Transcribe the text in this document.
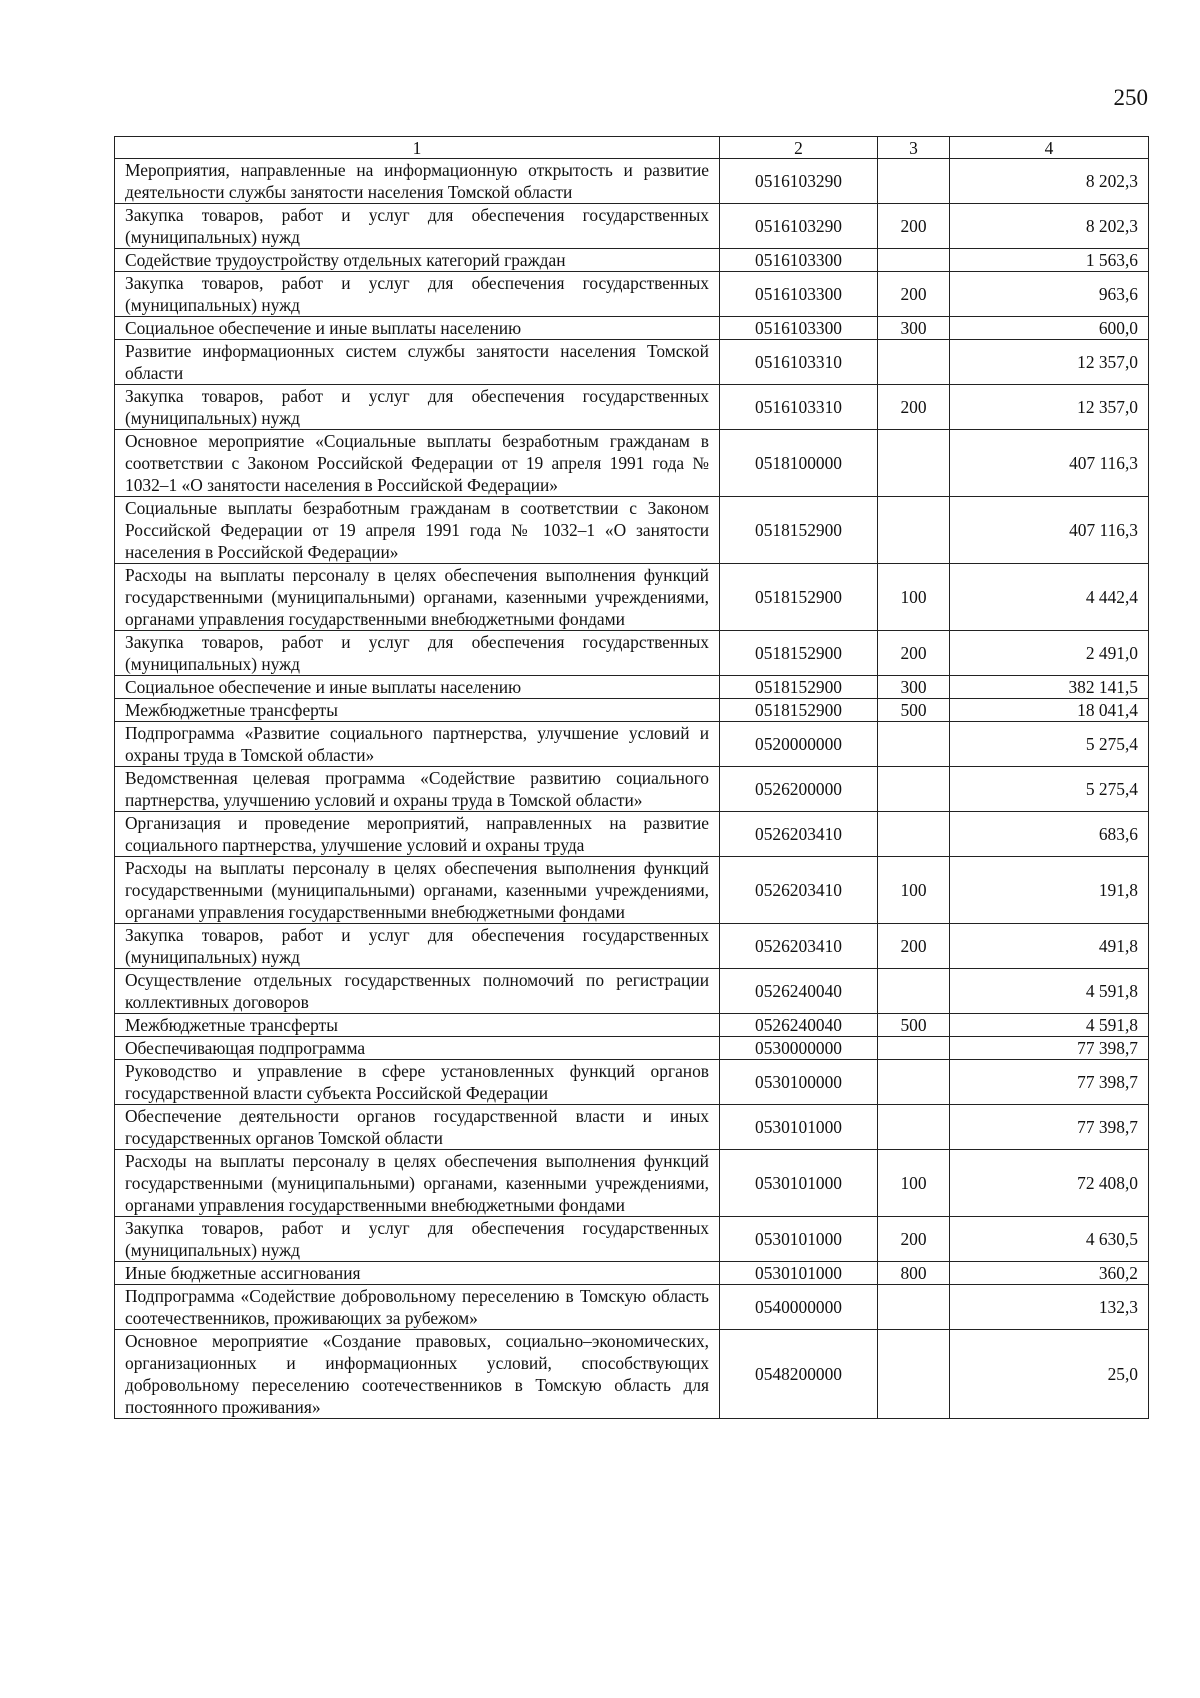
250
1	2	3	4
Мероприятия, направленные на информационную открытость и развитие деятельности службы занятости населения Томской области	0516103290		8 202,3
Закупка товаров, работ и услуг для обеспечения государственных (муниципальных) нужд	0516103290	200	8 202,3
Содействие трудоустройству отдельных категорий граждан	0516103300		1 563,6
Закупка товаров, работ и услуг для обеспечения государственных (муниципальных) нужд	0516103300	200	963,6
Социальное обеспечение и иные выплаты населению	0516103300	300	600,0
Развитие информационных систем службы занятости населения Томской области	0516103310		12 357,0
Закупка товаров, работ и услуг для обеспечения государственных (муниципальных) нужд	0516103310	200	12 357,0
Основное мероприятие «Социальные выплаты безработным гражданам в соответствии с Законом Российской Федерации от 19 апреля 1991 года № 1032–1 «О занятости населения в Российской Федерации»	0518100000		407 116,3
Социальные выплаты безработным гражданам в соответствии с Законом Российской Федерации от 19 апреля 1991 года № 1032–1 «О занятости населения в Российской Федерации»	0518152900		407 116,3
Расходы на выплаты персоналу в целях обеспечения выполнения функций государственными (муниципальными) органами, казенными учреждениями, органами управления государственными внебюджетными фондами	0518152900	100	4 442,4
Закупка товаров, работ и услуг для обеспечения государственных (муниципальных) нужд	0518152900	200	2 491,0
Социальное обеспечение и иные выплаты населению	0518152900	300	382 141,5
Межбюджетные трансферты	0518152900	500	18 041,4
Подпрограмма «Развитие социального партнерства, улучшение условий и охраны труда в Томской области»	0520000000		5 275,4
Ведомственная целевая программа «Содействие развитию социального партнерства, улучшению условий и охраны труда в Томской области»	0526200000		5 275,4
Организация и проведение мероприятий, направленных на развитие социального партнерства, улучшение условий и охраны труда	0526203410		683,6
Расходы на выплаты персоналу в целях обеспечения выполнения функций государственными (муниципальными) органами, казенными учреждениями, органами управления государственными внебюджетными фондами	0526203410	100	191,8
Закупка товаров, работ и услуг для обеспечения государственных (муниципальных) нужд	0526203410	200	491,8
Осуществление отдельных государственных полномочий по регистрации коллективных договоров	0526240040		4 591,8
Межбюджетные трансферты	0526240040	500	4 591,8
Обеспечивающая подпрограмма	0530000000		77 398,7
Руководство и управление в сфере установленных функций органов государственной власти субъекта Российской Федерации	0530100000		77 398,7
Обеспечение деятельности органов государственной власти и иных государственных органов Томской области	0530101000		77 398,7
Расходы на выплаты персоналу в целях обеспечения выполнения функций государственными (муниципальными) органами, казенными учреждениями, органами управления государственными внебюджетными фондами	0530101000	100	72 408,0
Закупка товаров, работ и услуг для обеспечения государственных (муниципальных) нужд	0530101000	200	4 630,5
Иные бюджетные ассигнования	0530101000	800	360,2
Подпрограмма «Содействие добровольному переселению в Томскую область соотечественников, проживающих за рубежом»	0540000000		132,3
Основное мероприятие «Создание правовых, социально–экономических, организационных и информационных условий, способствующих добровольному переселению соотечественников в Томскую область для постоянного проживания»	0548200000		25,0
